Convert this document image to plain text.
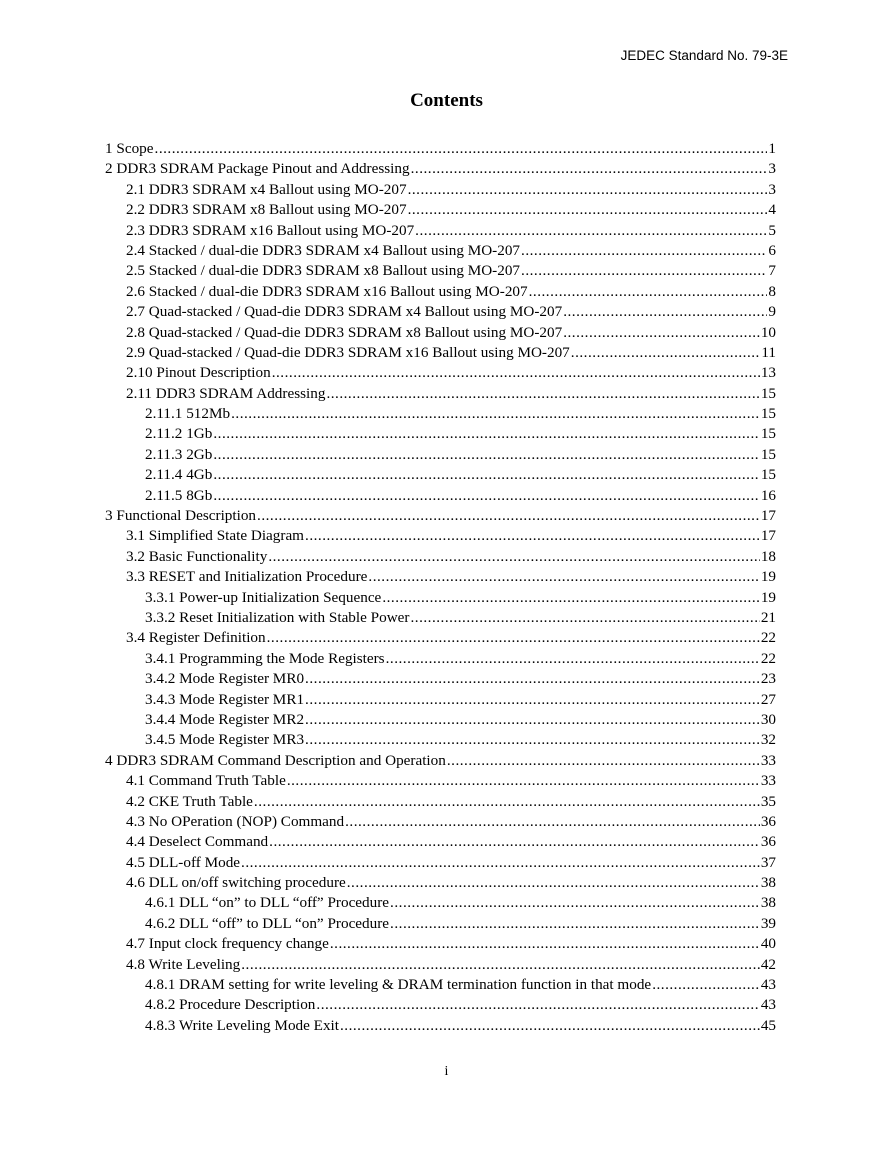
JEDEC Standard No. 79-3E
Contents
1 Scope .....	1
2 DDR3 SDRAM Package Pinout and Addressing .....	3
2.1 DDR3 SDRAM x4 Ballout using MO-207 .....	3
2.2 DDR3 SDRAM x8 Ballout using MO-207 .....	4
2.3 DDR3 SDRAM x16 Ballout using MO-207 .....	5
2.4 Stacked / dual-die DDR3 SDRAM x4 Ballout using MO-207 .....	6
2.5 Stacked / dual-die DDR3 SDRAM x8 Ballout using MO-207 .....	7
2.6 Stacked / dual-die DDR3 SDRAM x16 Ballout using MO-207 .....	8
2.7 Quad-stacked / Quad-die DDR3 SDRAM x4 Ballout using MO-207 .....	9
2.8 Quad-stacked / Quad-die DDR3 SDRAM x8 Ballout using MO-207 .....	10
2.9 Quad-stacked / Quad-die DDR3 SDRAM x16 Ballout using MO-207 .....	11
2.10 Pinout Description .....	13
2.11 DDR3 SDRAM Addressing .....	15
2.11.1 512Mb .....	15
2.11.2 1Gb .....	15
2.11.3 2Gb .....	15
2.11.4 4Gb .....	15
2.11.5 8Gb .....	16
3 Functional Description .....	17
3.1 Simplified State Diagram .....	17
3.2 Basic Functionality .....	18
3.3 RESET and Initialization Procedure .....	19
3.3.1 Power-up Initialization Sequence .....	19
3.3.2 Reset Initialization with Stable Power .....	21
3.4 Register Definition .....	22
3.4.1 Programming the Mode Registers .....	22
3.4.2 Mode Register MR0 .....	23
3.4.3 Mode Register MR1 .....	27
3.4.4 Mode Register MR2 .....	30
3.4.5 Mode Register MR3 .....	32
4 DDR3 SDRAM Command Description and Operation .....	33
4.1 Command Truth Table .....	33
4.2 CKE Truth Table .....	35
4.3 No OPeration (NOP) Command .....	36
4.4 Deselect Command .....	36
4.5 DLL-off Mode .....	37
4.6 DLL on/off switching procedure .....	38
4.6.1 DLL “on” to DLL “off” Procedure .....	38
4.6.2 DLL “off” to DLL “on” Procedure .....	39
4.7 Input clock frequency change .....	40
4.8 Write Leveling .....	42
4.8.1 DRAM setting for write leveling & DRAM termination function in that mode .....	43
4.8.2 Procedure Description .....	43
4.8.3 Write Leveling Mode Exit .....	45
i
